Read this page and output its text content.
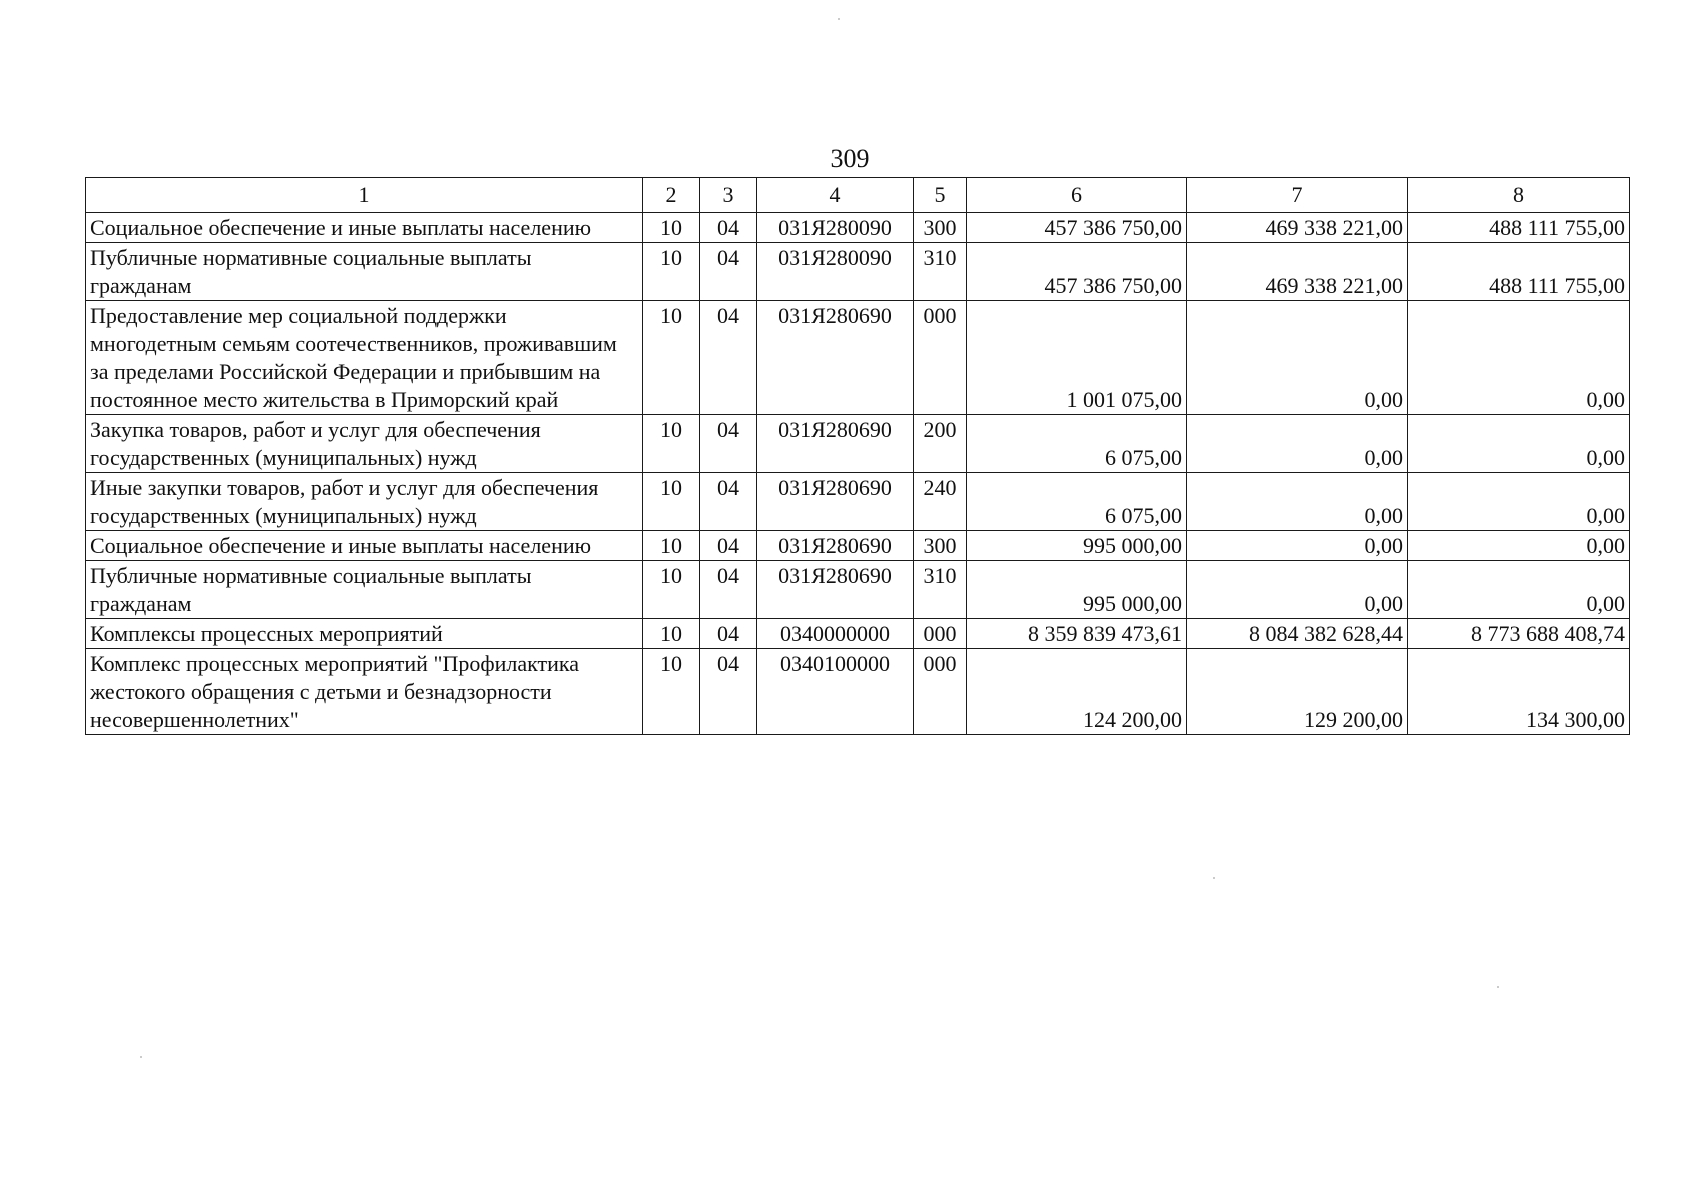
309
1	2	3	4	5	6	7	8
Социальное обеспечение и иные выплаты населению	10	04	031Я280090	300	457 386 750,00	469 338 221,00	488 111 755,00
Публичные нормативные социальные выплаты гражданам	10	04	031Я280090	310	457 386 750,00	469 338 221,00	488 111 755,00
Предоставление мер социальной поддержки многодетным семьям соотечественников, проживавшим за пределами Российской Федерации и прибывшим на постоянное место жительства в Приморский край	10	04	031Я280690	000	1 001 075,00	0,00	0,00
Закупка товаров, работ и услуг для обеспечения государственных (муниципальных) нужд	10	04	031Я280690	200	6 075,00	0,00	0,00
Иные закупки товаров, работ и услуг для обеспечения государственных (муниципальных) нужд	10	04	031Я280690	240	6 075,00	0,00	0,00
Социальное обеспечение и иные выплаты населению	10	04	031Я280690	300	995 000,00	0,00	0,00
Публичные нормативные социальные выплаты гражданам	10	04	031Я280690	310	995 000,00	0,00	0,00
Комплексы процессных мероприятий	10	04	0340000000	000	8 359 839 473,61	8 084 382 628,44	8 773 688 408,74
Комплекс процессных мероприятий "Профилактика жестокого обращения с детьми и безнадзорности несовершеннолетних"	10	04	0340100000	000	124 200,00	129 200,00	134 300,00
